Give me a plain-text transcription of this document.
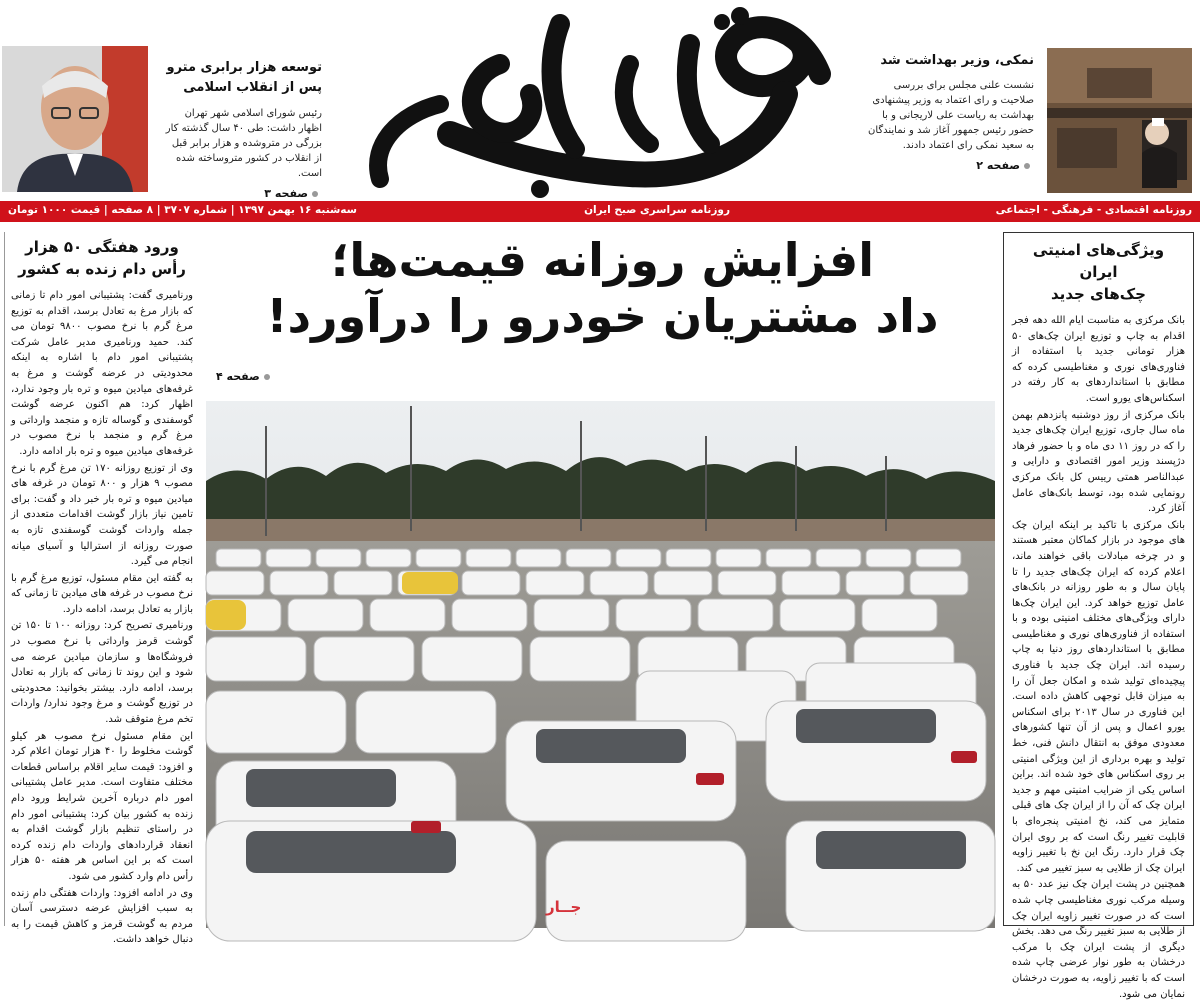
نمکی، وزیر بهداشت شد
نشست علنی مجلس برای بررسی صلاحیت و رای اعتماد به وزیر پیشنهادی بهداشت به ریاست علی لاریجانی و با حضور رئیس جمهور آغاز شد و نمایندگان به سعید نمکی رای اعتماد دادند.
صفحه ۲
توسعه هزار برابری مترو
پس از انقلاب اسلامی
رئیس شورای اسلامی شهر تهران اظهار داشت: طی ۴۰ سال گذشته کار بزرگی در متروشده و هزار برابر قبل از انقلاب در کشور متروساخته شده است.
صفحه ۳
روزنامه اقتصادی - فرهنگی - اجتماعی
روزنامه سراسری صبح ایران
سه‌شنبه ۱۶ بهمن ۱۳۹۷ | شماره ۳۷۰۷ | ۸ صفحه | قیمت ۱۰۰۰ تومان
ویژگی‌های امنیتی ایران
چک‌های جدید

بانک مرکزی به مناسبت ایام الله دهه فجر اقدام به چاپ و توزیع ایران چک‌های ۵۰ هزار تومانی جدید با استفاده از فناوری‌های نوری و مغناطیسی کرده که مطابق با استانداردهای به کار رفته در اسکناس‌های یورو است.

بانک مرکزی از روز دوشنبه پانزدهم بهمن ماه سال جاری، توزیع ایران چک‌های جدید را که در روز ۱۱ دی ماه و با حضور فرهاد دژپسند وزیر امور اقتصادی و دارایی و عبدالناصر همتی رییس کل بانک مرکزی رونمایی شده بود، توسط بانک‌های عامل آغاز کرد.

بانک مرکزی با تاکید بر اینکه ایران چک های موجود در بازار کماکان معتبر هستند و در چرخه مبادلات باقی خواهند ماند، اعلام کرده که ایران چک‌های جدید را تا پایان سال و به طور روزانه در بانک‌های عامل توزیع خواهد کرد. این ایران چک‌ها دارای ویژگی‌های مختلف امنیتی بوده و با استفاده از فناوری‌های نوری و مغناطیسی مطابق با استانداردهای روز دنیا به چاپ رسیده اند. ایران چک جدید با فناوری پیچیده‌ای تولید شده و امکان جعل آن را به میزان قابل توجهی کاهش داده است. این فناوری در سال ۲۰۱۳ برای اسکناس یورو اعمال و پس از آن تنها کشورهای معدودی موفق به انتقال دانش فنی، خط تولید و بهره برداری از این ویژگی امنیتی بر روی اسکناس های خود شده اند. براین اساس یکی از ضرایب امنیتی مهم و جدید ایران چک که آن را از ایران چک های قبلی متمایز می کند، نخ امنیتی پنجره‌ای با قابلیت تغییر رنگ است که بر روی ایران چک قرار دارد. رنگ این نخ با تغییر زاویه ایران چک از طلایی به سبز تغییر می کند.

همچنین در پشت ایران چک نیز عدد ۵۰ به وسیله مرکب نوری مغناطیسی چاپ شده است که در صورت تغییر زاویه ایران چک از طلایی به سبز تغییر رنگ می دهد. بخش دیگری از پشت ایران چک با مرکب درخشان به طور نوار عرضی چاپ شده است که با تغییر زاویه، به صورت درخشان نمایان می شود.

ورود هفتگی ۵۰ هزار
رأس دام زنده به کشور

ورنامیری گفت: پشتیبانی امور دام تا زمانی که بازار مرغ به تعادل برسد، اقدام به توزیع مرغ گرم با نرخ مصوب ۹۸۰۰ تومان می کند. حمید ورنامیری مدیر عامل شرکت پشتیبانی امور دام با اشاره به اینکه محدودیتی در عرضه گوشت و مرغ به غرفه‌های میادین میوه و تره بار وجود ندارد، اظهار کرد: هم اکنون عرضه گوشت گوسفندی و گوساله تازه و منجمد وارداتی و مرغ گرم و منجمد با نرخ مصوب در غرفه‌های میادین میوه و تره بار ادامه دارد.

وی از توزیع روزانه ۱۷۰ تن مرغ گرم با نرخ مصوب ۹ هزار و ۸۰۰ تومان در غرفه های میادین میوه و تره بار خبر داد و گفت: برای تامین نیاز بازار گوشت اقدامات متعددی از جمله واردات گوشت گوسفندی تازه به صورت روزانه از استرالیا و آسیای میانه انجام می گیرد.

به گفته این مقام مسئول، توزیع مرغ گرم با نرخ مصوب در غرفه های میادین تا زمانی که بازار به تعادل برسد، ادامه دارد.

ورنامیری تصریح کرد: روزانه ۱۰۰ تا ۱۵۰ تن گوشت قرمز وارداتی با نرخ مصوب در فروشگاه‌ها و سازمان میادین عرضه می شود و این روند تا زمانی که بازار به تعادل برسد، ادامه دارد. بیشتر بخوانید: محدودیتی در توزیع گوشت و مرغ وجود ندارد/ واردات تخم مرغ متوقف شد.

این مقام مسئول نرخ مصوب هر کیلو گوشت مخلوط را ۴۰ هزار تومان اعلام کرد و افزود: قیمت سایر اقلام براساس قطعات مختلف متفاوت است. مدیر عامل پشتیبانی امور دام درباره آخرین شرایط ورود دام زنده به کشور بیان کرد: پشتیبانی امور دام در راستای تنظیم بازار گوشت اقدام به انعقاد قراردادهای واردات دام زنده کرده است که بر این اساس هر هفته ۵۰ هزار رأس دام وارد کشور می شود.

وی در ادامه افزود: واردات هفتگی دام زنده به سبب افزایش عرضه دسترسی آسان مردم به گوشت قرمز و کاهش قیمت را به دنبال خواهد داشت.

افزایش روزانه قیمت‌ها؛
داد مشتریان خودرو را درآورد!
صفحه ۴
جــار
